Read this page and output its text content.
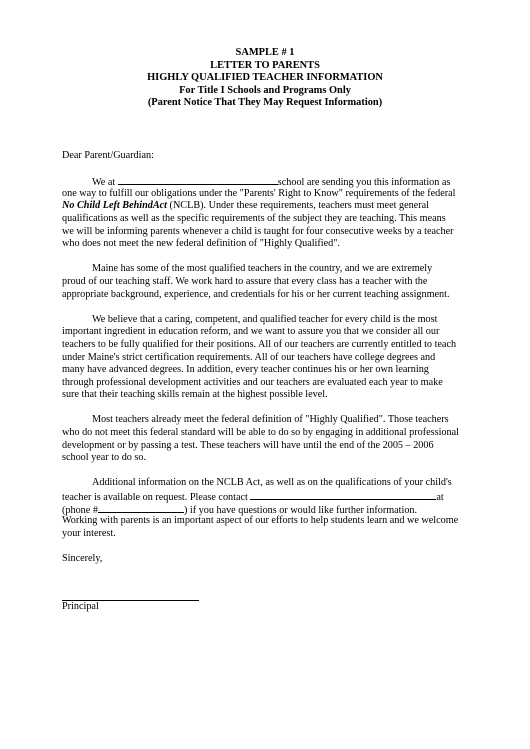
SAMPLE # 1
LETTER TO PARENTS
HIGHLY QUALIFIED TEACHER INFORMATION
For Title I Schools and Programs Only
(Parent Notice That They May Request Information)
Dear Parent/Guardian:
We at	school are sending you this information as
one way to fulfill our obligations under the "Parents' Right to Know" requirements of the federal
No Child Left BehindAct (NCLB). Under these requirements, teachers must meet general
qualifications as well as the specific requirements of the subject they are teaching. This means
we will be informing parents whenever a child is taught for four consecutive weeks by a teacher
who does not meet the new federal definition of "Highly Qualified".
Maine has some of the most qualified teachers in the country, and we are extremely
proud of our teaching staff. We work hard to assure that every class has a teacher with the
appropriate background, experience, and credentials for his or her current teaching assignment.
We believe that a caring, competent, and qualified teacher for every child is the most
important ingredient in education reform, and we want to assure you that we consider all our
teachers to be fully qualified for their positions. All of our teachers are currently entitled to teach
under Maine's strict certification requirements. All of our teachers have college degrees and
many have advanced degrees. In addition, every teacher continues his or her own learning
through professional development activities and our teachers are evaluated each year to make
sure that their teaching skills remain at the highest possible level.
Most teachers already meet the federal definition of "Highly Qualified". Those teachers
who do not meet this federal standard will be able to do so by engaging in additional professional
development or by passing a test. These teachers will have until the end of the 2005 – 2006
school year to do so.
Additional information on the NCLB Act, as well as on the qualifications of your child's
teacher is available on request. Please contact	at
(phone #	) if you have questions or would like further information.
Working with parents is an important aspect of our efforts to help students learn and we welcome
your interest.
Sincerely,
Principal
